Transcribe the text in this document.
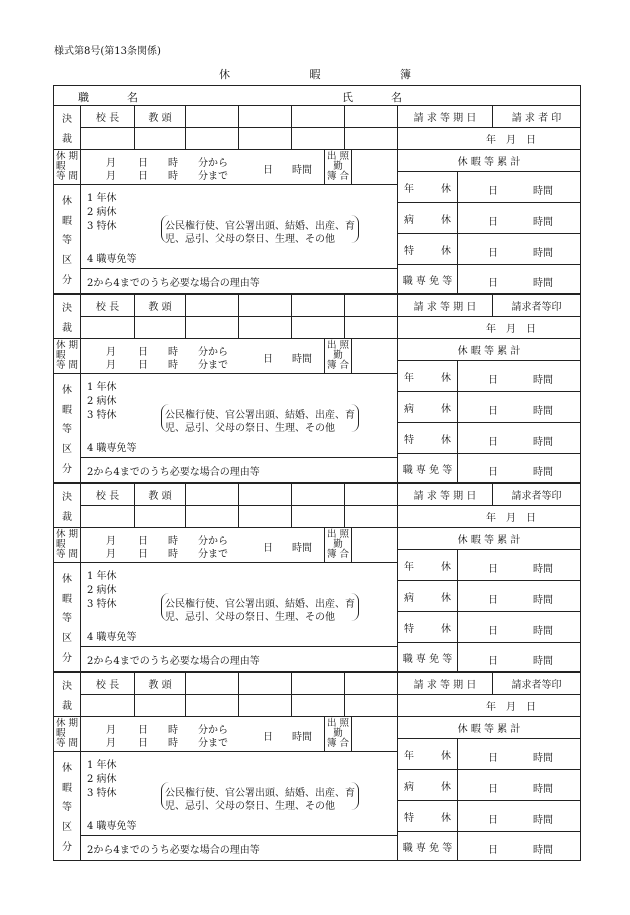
様式第8号(第13条関係)
休	暇	簿
職	名	氏	名
決
裁
校 長	教 頭	請 求 等 期 日	請 求 者 印
年　月　日
休 期
暇
等 間
月 日 時 分から
月 日 時 分まで
日 時間
出 照
勤
簿 合
休 暇 等 累 計
年	休	日	時間
病	休	日	時間
特	休	日	時間
職 専 免 等	日	時間
休
暇
等
区
分
1 年休
2 病休
3 特休	公民権行使、官公署出頭、結婚、出産、育
児、忌引、父母の祭日、生理、その他
4 職専免等
2から4までのうち必要な場合の理由等
決
裁
校 長	教 頭	請 求 等 期 日	請求者等印
年　月　日
休 期
暇
等 間
月 日 時 分から
月 日 時 分まで
日 時間
出 照
勤
簿 合
休 暇 等 累 計
年	休	日	時間
病	休	日	時間
特	休	日	時間
職 専 免 等	日	時間
休
暇
等
区
分
1 年休
2 病休
3 特休	公民権行使、官公署出頭、結婚、出産、育
児、忌引、父母の祭日、生理、その他
4 職専免等
2から4までのうち必要な場合の理由等
決
裁
校 長	教 頭	請 求 等 期 日	請求者等印
年　月　日
休 期
暇
等 間
月 日 時 分から
月 日 時 分まで
日 時間
出 照
勤
簿 合
休 暇 等 累 計
年	休	日	時間
病	休	日	時間
特	休	日	時間
職 専 免 等	日	時間
休
暇
等
区
分
1 年休
2 病休
3 特休	公民権行使、官公署出頭、結婚、出産、育
児、忌引、父母の祭日、生理、その他
4 職専免等
2から4までのうち必要な場合の理由等
決
裁
校 長	教 頭	請 求 等 期 日	請求者等印
年　月　日
休 期
暇
等 間
月 日 時 分から
月 日 時 分まで
日 時間
出 照
勤
簿 合
休 暇 等 累 計
年	休	日	時間
病	休	日	時間
特	休	日	時間
職 専 免 等	日	時間
休
暇
等
区
分
1 年休
2 病休
3 特休	公民権行使、官公署出頭、結婚、出産、育
児、忌引、父母の祭日、生理、その他
4 職専免等
2から4までのうち必要な場合の理由等
